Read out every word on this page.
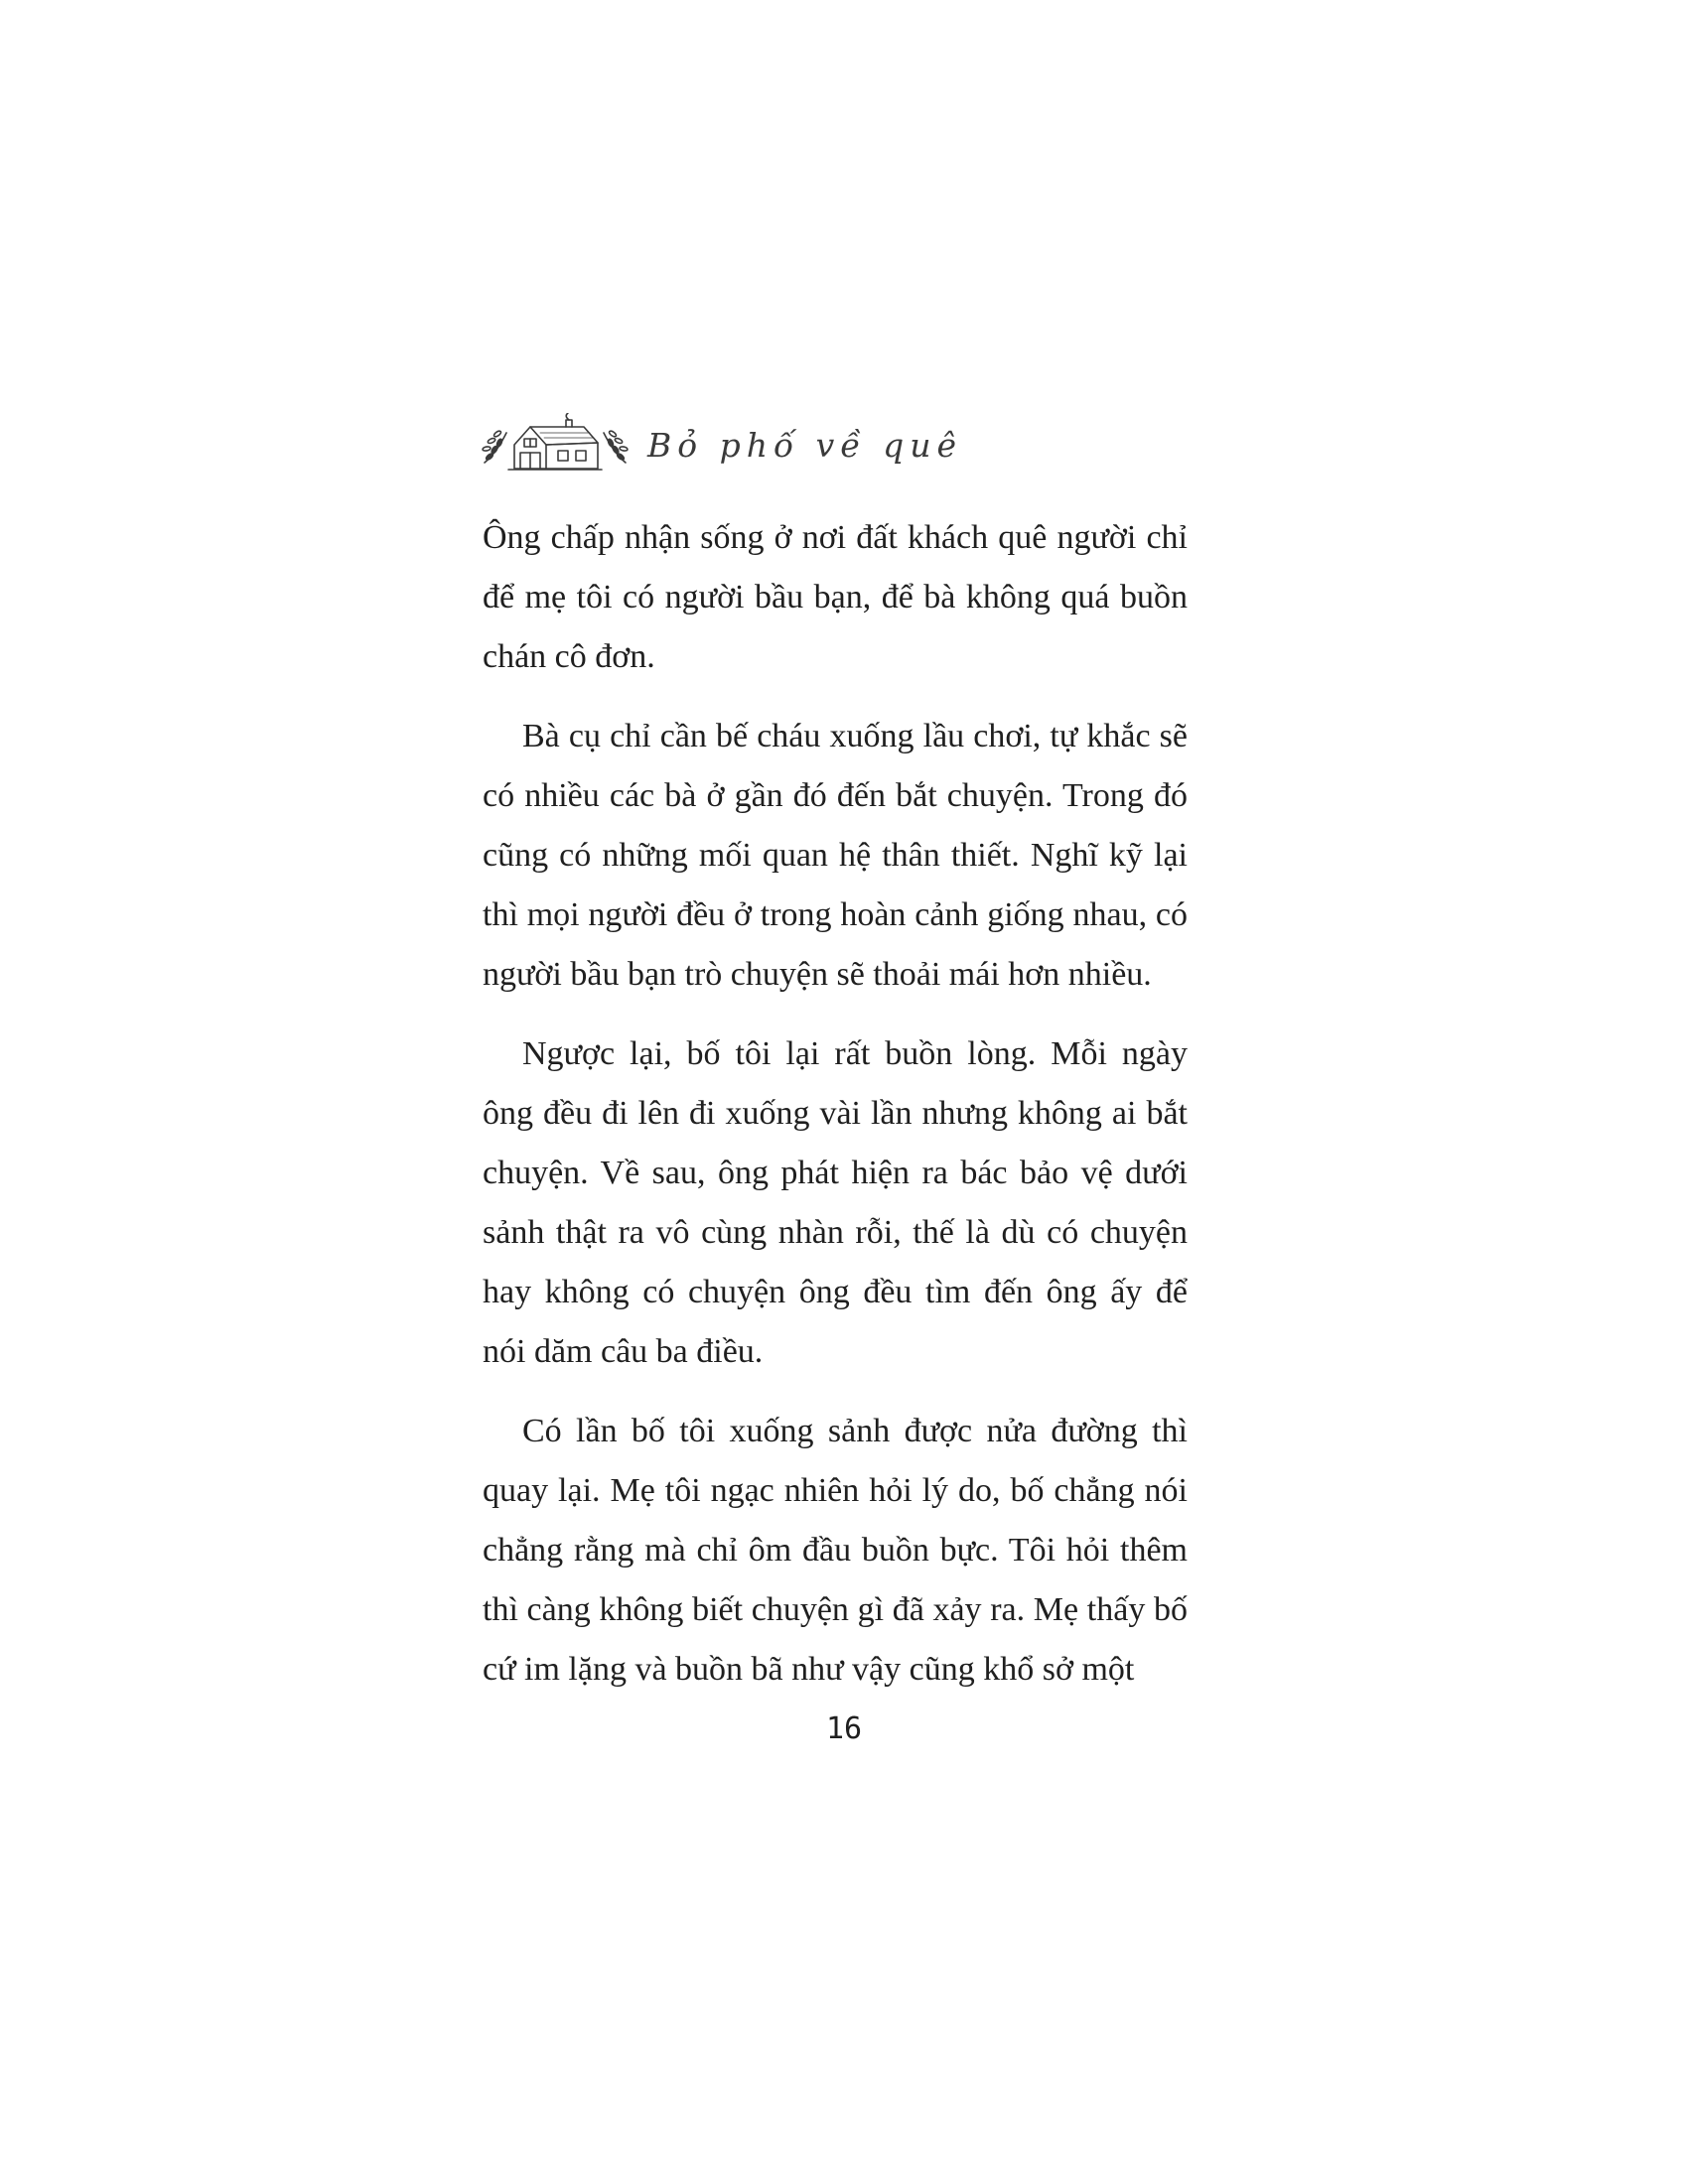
Bỏ phố về quê

Ông chấp nhận sống ở nơi đất khách quê người chỉ để mẹ tôi có người bầu bạn, để bà không quá buồn chán cô đơn.

Bà cụ chỉ cần bế cháu xuống lầu chơi, tự khắc sẽ có nhiều các bà ở gần đó đến bắt chuyện. Trong đó cũng có những mối quan hệ thân thiết. Nghĩ kỹ lại thì mọi người đều ở trong hoàn cảnh giống nhau, có người bầu bạn trò chuyện sẽ thoải mái hơn nhiều.

Ngược lại, bố tôi lại rất buồn lòng. Mỗi ngày ông đều đi lên đi xuống vài lần nhưng không ai bắt chuyện. Về sau, ông phát hiện ra bác bảo vệ dưới sảnh thật ra vô cùng nhàn rỗi, thế là dù có chuyện hay không có chuyện ông đều tìm đến ông ấy để nói dăm câu ba điều.

Có lần bố tôi xuống sảnh được nửa đường thì quay lại. Mẹ tôi ngạc nhiên hỏi lý do, bố chẳng nói chẳng rằng mà chỉ ôm đầu buồn bực. Tôi hỏi thêm thì càng không biết chuyện gì đã xảy ra. Mẹ thấy bố cứ im lặng và buồn bã như vậy cũng khổ sở một

16
